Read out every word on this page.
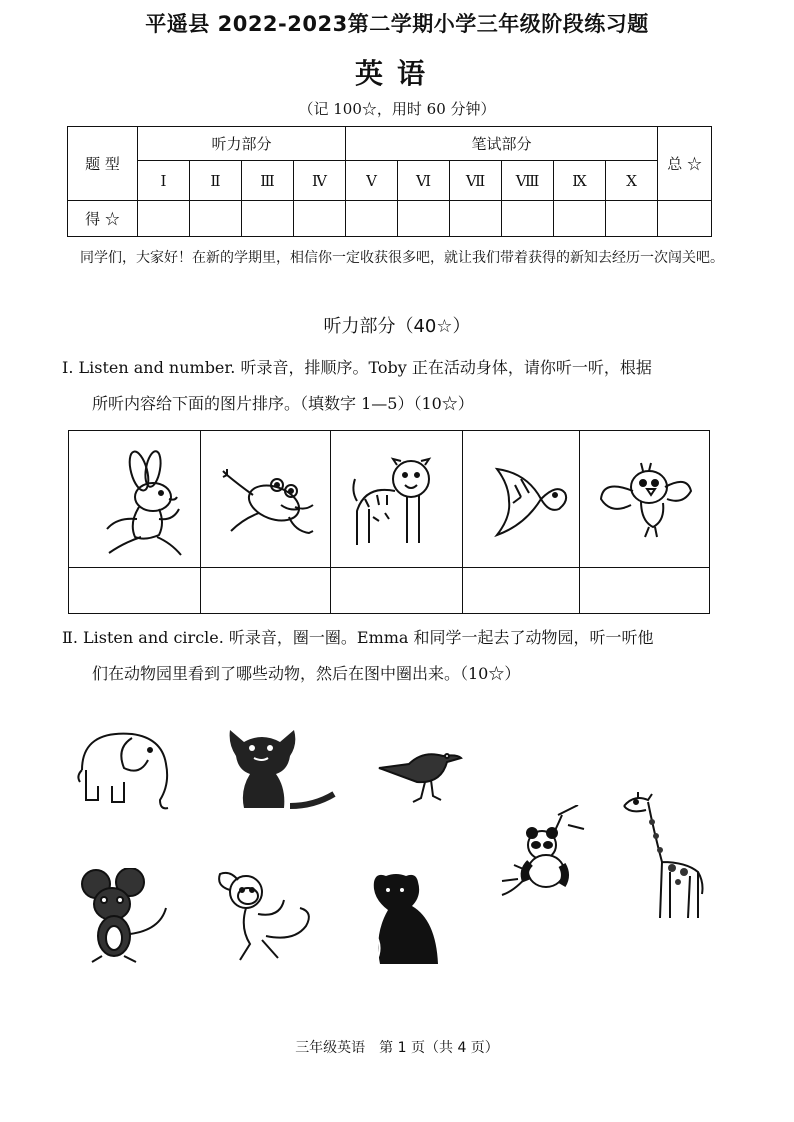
平遥县 2022-2023第二学期小学三年级阶段练习题
英语
（记 100☆，用时 60 分钟）
题 型	听力部分				笔试部分						总 ☆
	Ⅰ	Ⅱ	Ⅲ	Ⅳ	Ⅴ	Ⅵ	Ⅶ	Ⅷ	Ⅸ	Ⅹ	
得 ☆											
同学们，大家好！在新的学期里，相信你一定收获很多吧，就让我们带着获得的新知去经历一次闯关吧。
听力部分（40☆）
Ⅰ. Listen and number. 听录音，排顺序。Toby 正在活动身体，请你听一听，根据
所听内容给下面的图片排序。（填数字 1—5）（10☆）
Ⅱ. Listen and circle. 听录音，圈一圈。Emma 和同学一起去了动物园，听一听他
们在动物园里看到了哪些动物，然后在图中圈出来。（10☆）
三年级英语　第 1 页（共 4 页）
